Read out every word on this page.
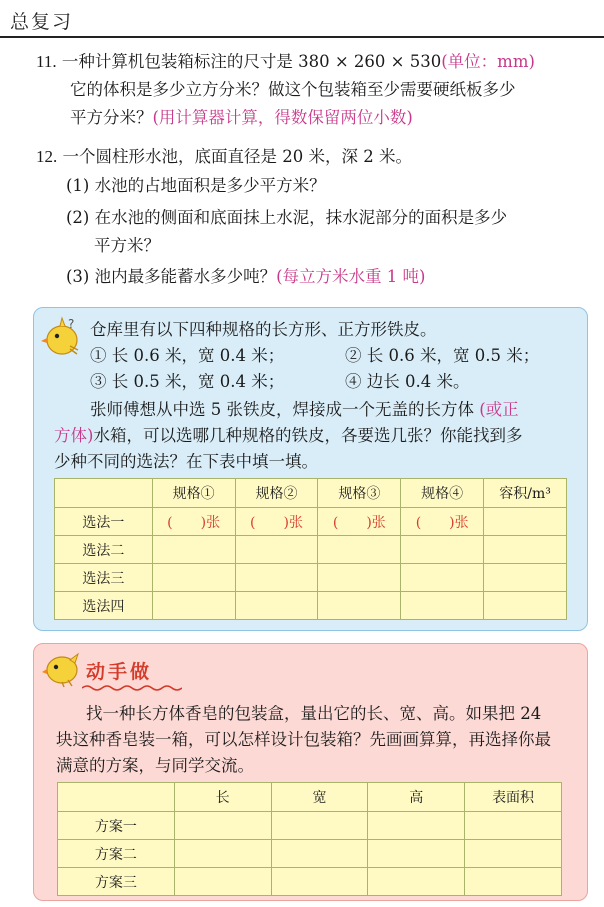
总复习
11. 一种计算机包装箱标注的尺寸是 380 × 260 × 530(单位：mm)
它的体积是多少立方分米？做这个包装箱至少需要硬纸板多少
平方分米？(用计算器计算，得数保留两位小数)
12. 一个圆柱形水池，底面直径是 20 米，深 2 米。
(1) 水池的占地面积是多少平方米？
(2) 在水池的侧面和底面抹上水泥，抹水泥部分的面积是多少
平方米？
(3) 池内最多能蓄水多少吨？(每立方米水重 1 吨)
? 仓库里有以下四种规格的长方形、正方形铁皮。
① 长 0.6 米，宽 0.4 米；	② 长 0.6 米，宽 0.5 米；
③ 长 0.5 米，宽 0.4 米；	④ 边长 0.4 米。
张师傅想从中选 5 张铁皮，焊接成一个无盖的长方体 (或正
方体)水箱，可以选哪几种规格的铁皮，各要选几张？你能找到多
少种不同的选法？在下表中填一填。
	规格①	规格②	规格③	规格④	容积/m³
选法一	(　　)张	(　　)张	(　　)张	(　　)张	
选法二					
选法三					
选法四					
动手做
找一种长方体香皂的包装盒，量出它的长、宽、高。如果把 24
块这种香皂装一箱，可以怎样设计包装箱？先画画算算，再选择你最
满意的方案，与同学交流。
	长	宽	高	表面积
方案一				
方案二				
方案三				
